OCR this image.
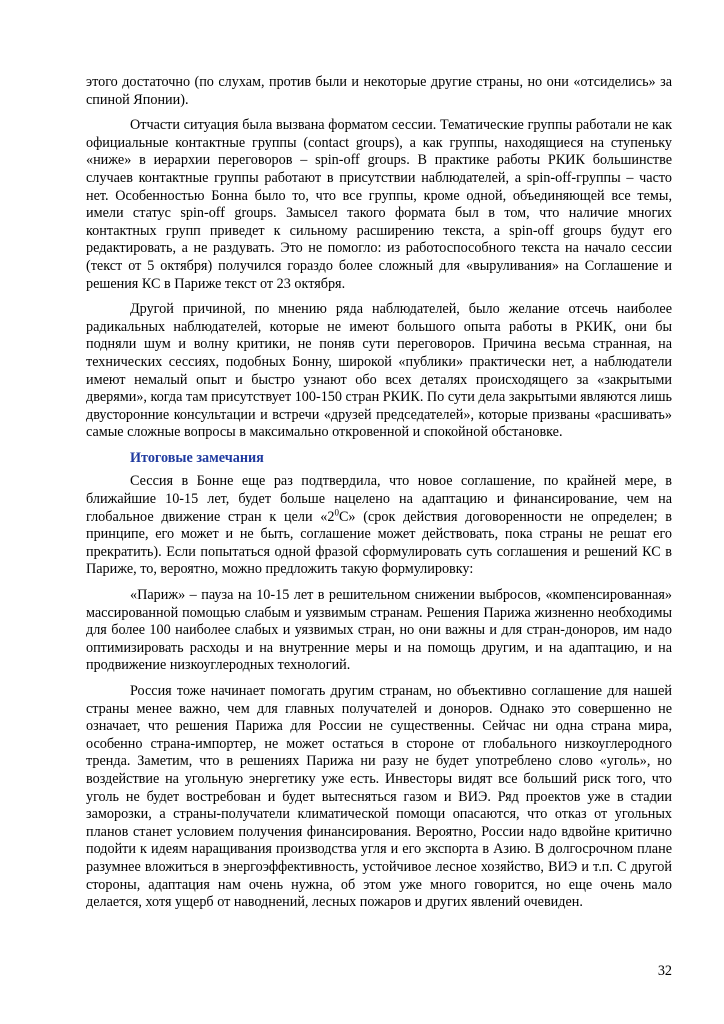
этого достаточно (по слухам, против были и некоторые другие страны, но они «отсиделись» за спиной Японии).

Отчасти ситуация была вызвана форматом сессии. Тематические группы работали не как официальные контактные группы (contact groups), а как группы, находящиеся на ступеньку «ниже» в иерархии переговоров – spin-off groups. В практике работы РКИК большинстве случаев контактные группы работают в присутствии наблюдателей, а spin-off-группы – часто нет. Особенностью Бонна было то, что все группы, кроме одной, объединяющей все темы, имели статус spin-off groups. Замысел такого формата был в том, что наличие многих контактных групп приведет к сильному расширению текста, а spin-off groups будут его редактировать, а не раздувать. Это не помогло: из работоспособного текста на начало сессии (текст от 5 октября) получился гораздо более сложный для «выруливания» на Соглашение и решения КС в Париже текст от 23 октября.

Другой причиной, по мнению ряда наблюдателей, было желание отсечь наиболее радикальных наблюдателей, которые не имеют большого опыта работы в РКИК, они бы подняли шум и волну критики, не поняв сути переговоров. Причина весьма странная, на технических сессиях, подобных Бонну, широкой «публики» практически нет, а наблюдатели имеют немалый опыт и быстро узнают обо всех деталях происходящего за «закрытыми дверями», когда там присутствует 100-150 стран РКИК. По сути дела закрытыми являются лишь двусторонние консультации и встречи «друзей председателей», которые призваны «расшивать» самые сложные вопросы в максимально откровенной и спокойной обстановке.

Итоговые замечания

Сессия в Бонне еще раз подтвердила, что новое соглашение, по крайней мере, в ближайшие 10-15 лет, будет больше нацелено на адаптацию и финансирование, чем на глобальное движение стран к цели «$2^0С$» (срок действия договоренности не определен; в принципе, его может и не быть, соглашение может действовать, пока страны не решат его прекратить). Если попытаться одной фразой сформулировать суть соглашения и решений КС в Париже, то, вероятно, можно предложить такую формулировку:

«Париж» – пауза на 10-15 лет в решительном снижении выбросов, «компенсированная» массированной помощью слабым и уязвимым странам. Решения Парижа жизненно необходимы для более 100 наиболее слабых и уязвимых стран, но они важны и для стран-доноров, им надо оптимизировать расходы и на внутренние меры и на помощь другим, и на адаптацию, и на продвижение низкоуглеродных технологий.

Россия тоже начинает помогать другим странам, но объективно соглашение для нашей страны менее важно, чем для главных получателей и доноров. Однако это совершенно не означает, что решения Парижа для России не существенны. Сейчас ни одна страна мира, особенно страна-импортер, не может остаться в стороне от глобального низкоуглеродного тренда. Заметим, что в решениях Парижа ни разу не будет употреблено слово «уголь», но воздействие на угольную энергетику уже есть. Инвесторы видят все больший риск того, что уголь не будет востребован и будет вытесняться газом и ВИЭ. Ряд проектов уже в стадии заморозки, а страны-получатели климатической помощи опасаются, что отказ от угольных планов станет условием получения финансирования. Вероятно, России надо вдвойне критично подойти к идеям наращивания производства угля и его экспорта в Азию. В долгосрочном плане разумнее вложиться в энергоэффективность, устойчивое лесное хозяйство, ВИЭ и т.п. С другой стороны, адаптация нам очень нужна, об этом уже много говорится, но еще очень мало делается, хотя ущерб от наводнений, лесных пожаров и других явлений очевиден.

32
